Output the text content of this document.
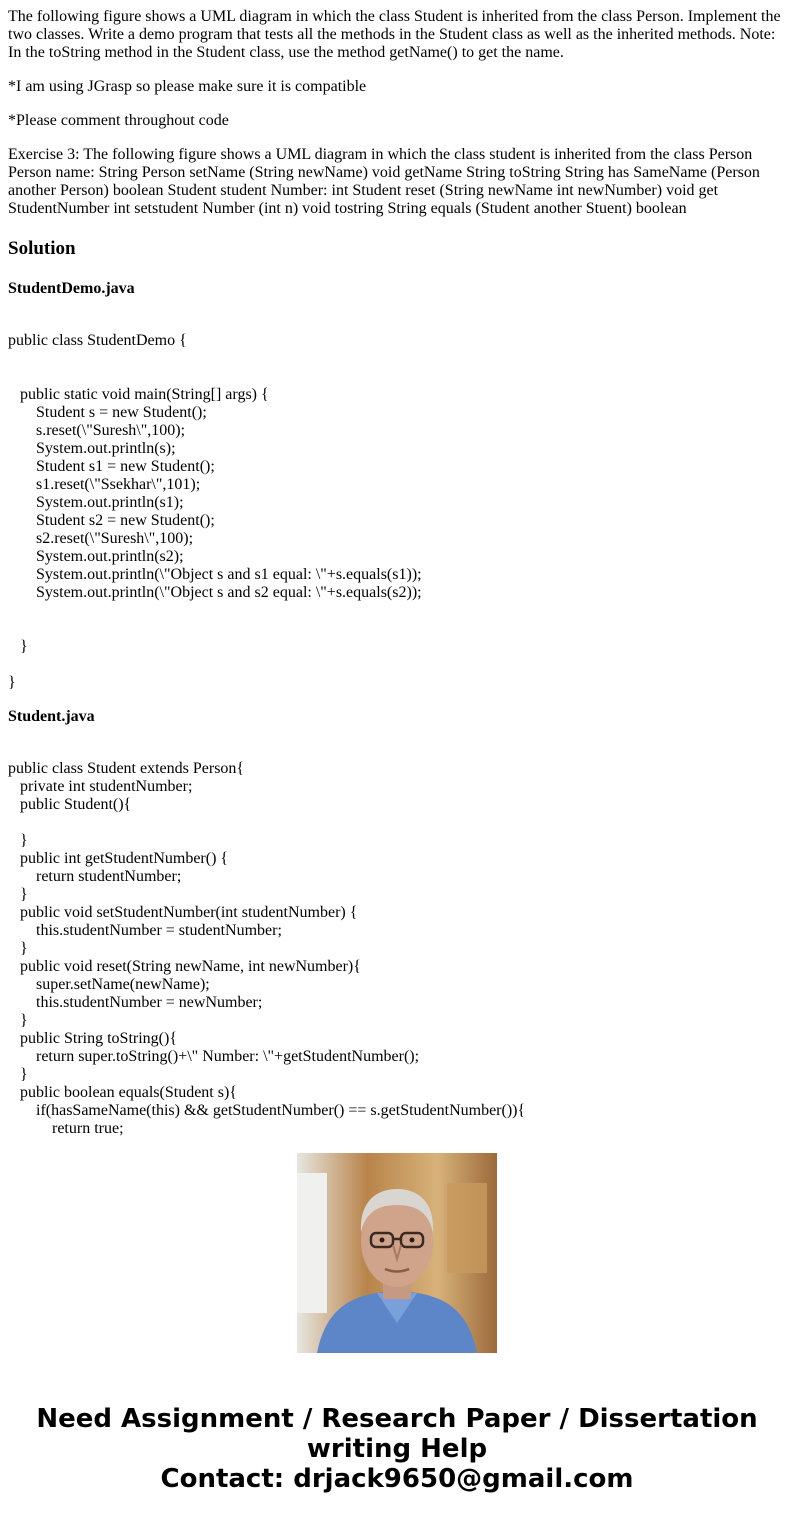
The following figure shows a UML diagram in which the class Student is inherited from the class Person. Implement the two classes. Write a demo program that tests all the methods in the Student class as well as the inherited methods. Note: In the toString method in the Student class, use the method getName() to get the name.

*I am using JGrasp so please make sure it is compatible

*Please comment throughout code

Exercise 3: The following figure shows a UML diagram in which the class student is inherited from the class Person Person name: String Person setName (String newName) void getName String toString String has SameName (Person another Person) boolean Student student Number: int Student reset (String newName int newNumber) void get StudentNumber int setstudent Number (int n) void tostring String equals (Student another Stuent) boolean

Solution
StudentDemo.java
public class StudentDemo {
public static void main(String[] args) {
Student s = new Student();
s.reset(\"Suresh\",100);
System.out.println(s);
Student s1 = new Student();
s1.reset(\"Ssekhar\",101);
System.out.println(s1);
Student s2 = new Student();
s2.reset(\"Suresh\",100);
System.out.println(s2);
System.out.println(\"Object s and s1 equal: \"+s.equals(s1));
System.out.println(\"Object s and s2 equal: \"+s.equals(s2));
}
}
Student.java
public class Student extends Person{
private int studentNumber;
public Student(){
}
public int getStudentNumber() {
return studentNumber;
}
public void setStudentNumber(int studentNumber) {
this.studentNumber = studentNumber;
}
public void reset(String newName, int newNumber){
super.setName(newName);
this.studentNumber = newNumber;
}
public String toString(){
return super.toString()+\" Number: \"+getStudentNumber();
}
public boolean equals(Student s){
if(hasSameName(this) && getStudentNumber() == s.getStudentNumber()){
return true;
Need Assignment / Research Paper / Dissertation
writing Help
Contact: drjack9650@gmail.com
